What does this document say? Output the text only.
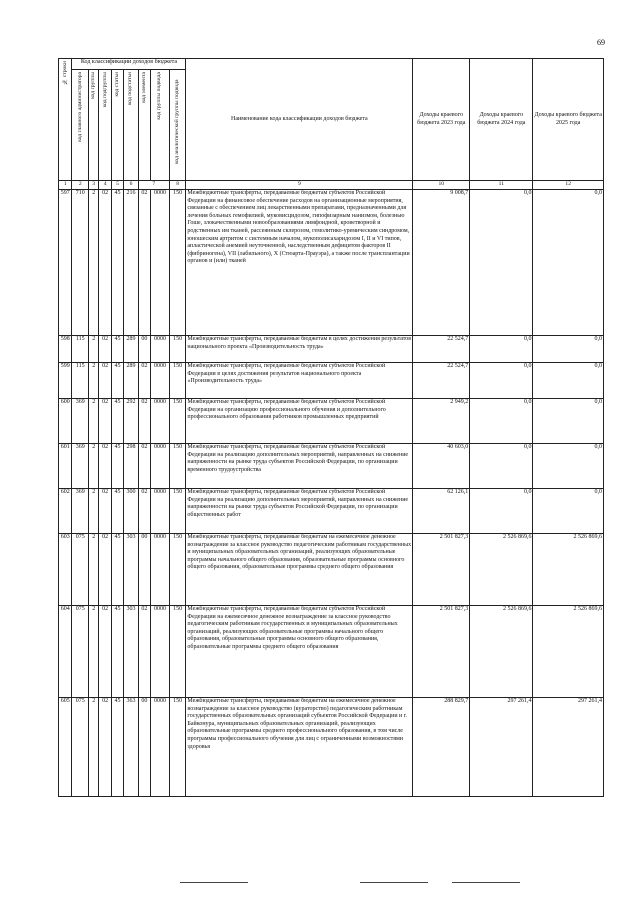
69
№ строки	Код классификации доходов бюджета								Наименование кода классификации доходов бюджета	Доходы краевого бюджета 2023 года	Доходы краевого бюджета 2024 года	Доходы краевого бюджета 2025 года

	код главного администратора	код группы	код подгруппы	код статьи	код подстатьи	код элемента	код группы подвида	код аналитической группы подвида				

1	2	3	4	5	6	7		8	9	10	11	12
597	710	2	02	45	216	02	0000	150	Межбюджетные трансферты, передаваемые бюджетам субъектов Российской Федерации на финансовое обеспечение расходов на организационные мероприятия, связанные с обеспечением лиц лекарственными препаратами, предназначенными для лечения больных гемофилией, муковисцидозом, гипофизарным нанизмом, болезнью Гоше, злокачественными новообразованиями лимфоидной, кроветворной и родственных им тканей, рассеянным склерозом, гемолитико-уремическим синдромом, юношеским артритом с системным началом, мукополисахаридозом I, II и VI типов, апластической анемией неуточненной, наследственным дефицитом факторов II (фибриногена), VII (лабильного), X (Стюарта-Прауэра), а также после трансплантации органов и (или) тканей	9 008,7	0,0	0,0
598	115	2	02	45	289	00	0000	150	Межбюджетные трансферты, передаваемые бюджетам в целях достижения результатов национального проекта «Производительность труда»	22 524,7	0,0	0,0
599	115	2	02	45	289	02	0000	150	Межбюджетные трансферты, передаваемые бюджетам субъектов Российской Федерации в целях достижения результатов национального проекта «Производительность труда»	22 524,7	0,0	0,0
600	369	2	02	45	292	02	0000	150	Межбюджетные трансферты, передаваемые бюджетам субъектов Российской Федерации на организацию профессионального обучения и дополнительного профессионального образования работников промышленных предприятий	2 949,2	0,0	0,0
601	369	2	02	45	298	02	0000	150	Межбюджетные трансферты, передаваемые бюджетам субъектов Российской Федерации на реализацию дополнительных мероприятий, направленных на снижение напряженности на рынке труда субъектов Российской Федерации, по организации временного трудоустройства	40 603,0	0,0	0,0
602	369	2	02	45	300	02	0000	150	Межбюджетные трансферты, передаваемые бюджетам субъектов Российской Федерации на реализацию дополнительных мероприятий, направленных на снижение напряженности на рынке труда субъектов Российской Федерации, по организации общественных работ	62 126,1	0,0	0,0
603	075	2	02	45	303	00	0000	150	Межбюджетные трансферты, передаваемые бюджетам на ежемесячное денежное вознаграждение за классное руководство педагогическим работникам государственных и муниципальных образовательных организаций, реализующих образовательные программы начального общего образования, образовательные программы основного общего образования, образовательные программы среднего общего образования	2 501 827,3	2 526 869,6	2 526 869,6
604	075	2	02	45	303	02	0000	150	Межбюджетные трансферты, передаваемые бюджетам субъектов Российской Федерации на ежемесячное денежное вознаграждение за классное руководство педагогическим работникам государственных и муниципальных образовательных организаций, реализующих образовательные программы начального общего образования, образовательные программы основного общего образования, образовательные программы среднего общего образования	2 501 827,3	2 526 869,6	2 526 869,6
605	075	2	02	45	363	00	0000	150	Межбюджетные трансферты, передаваемые бюджетам на ежемесячное денежное вознаграждение за классное руководство (кураторство) педагогическим работникам государственных образовательных организаций субъектов Российской Федерации и г. Байконура, муниципальных образовательных организаций, реализующих образовательные программы среднего профессионального образования, в том числе программы профессионального обучения для лиц с ограниченными возможностями здоровья	288 829,7	297 261,4	297 261,4
